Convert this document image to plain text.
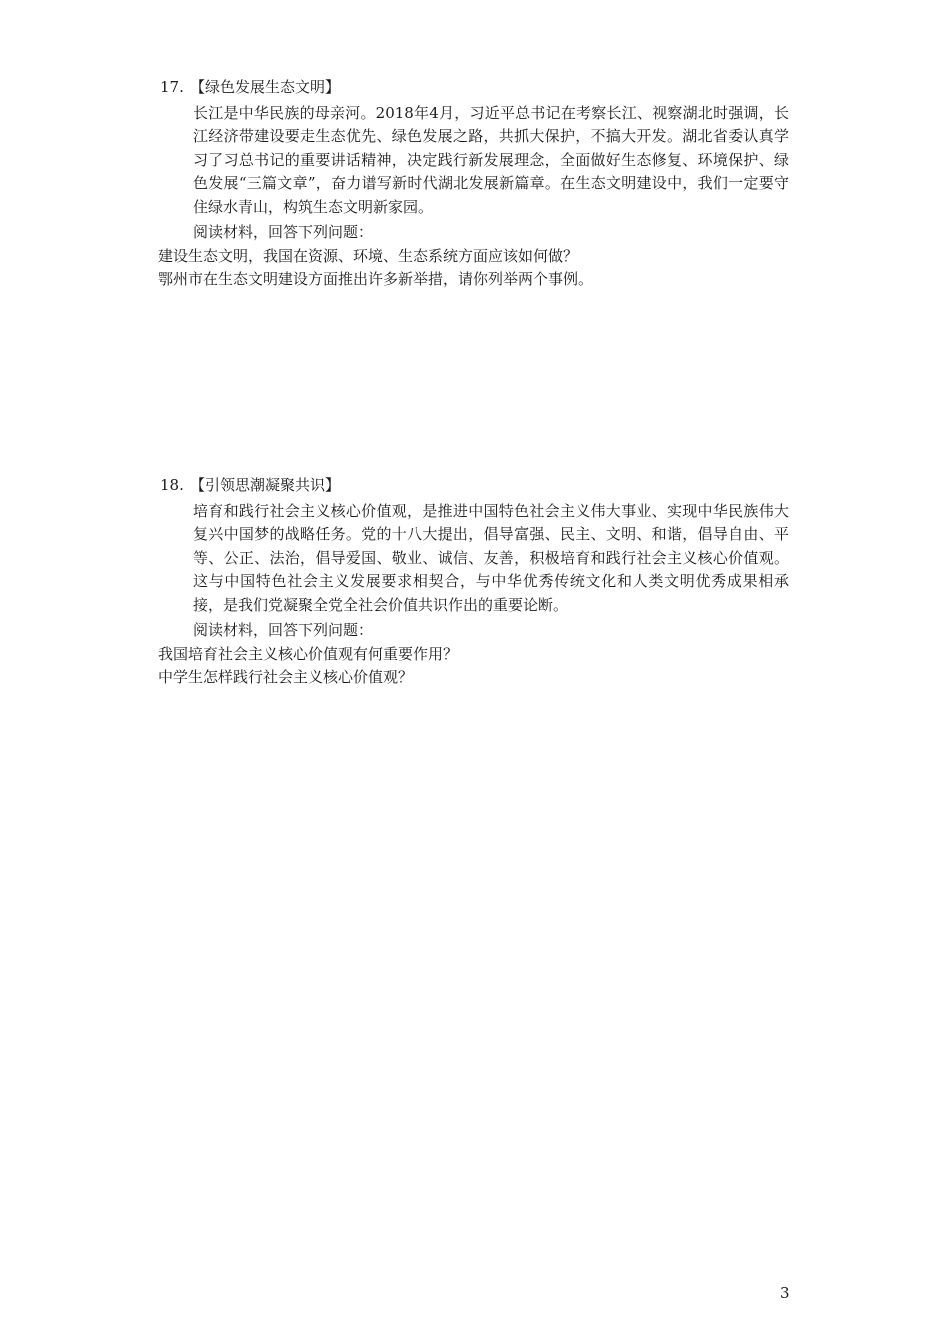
17. 【绿色发展生态文明】

长江是中华民族的母亲河。2018年4月，习近平总书记在考察长江、视察湖北时强调，长江经济带建设要走生态优先、绿色发展之路，共抓大保护，不搞大开发。湖北省委认真学习了习总书记的重要讲话精神，决定践行新发展理念，全面做好生态修复、环境保护、绿色发展“三篇文章”，奋力谱写新时代湖北发展新篇章。在生态文明建设中，我们一定要守住绿水青山，构筑生态文明新家园。

阅读材料，回答下列问题：
建设生态文明，我国在资源、环境、生态系统方面应该如何做？
鄂州市在生态文明建设方面推出许多新举措，请你列举两个事例。
18. 【引领思潮凝聚共识】

培育和践行社会主义核心价值观，是推进中国特色社会主义伟大事业、实现中华民族伟大复兴中国梦的战略任务。党的十八大提出，倡导富强、民主、文明、和谐，倡导自由、平等、公正、法治，倡导爱国、敬业、诚信、友善，积极培育和践行社会主义核心价值观。这与中国特色社会主义发展要求相契合，与中华优秀传统文化和人类文明优秀成果相承接，是我们党凝聚全党全社会价值共识作出的重要论断。

阅读材料，回答下列问题：
我国培育社会主义核心价值观有何重要作用？
中学生怎样践行社会主义核心价值观？
3
